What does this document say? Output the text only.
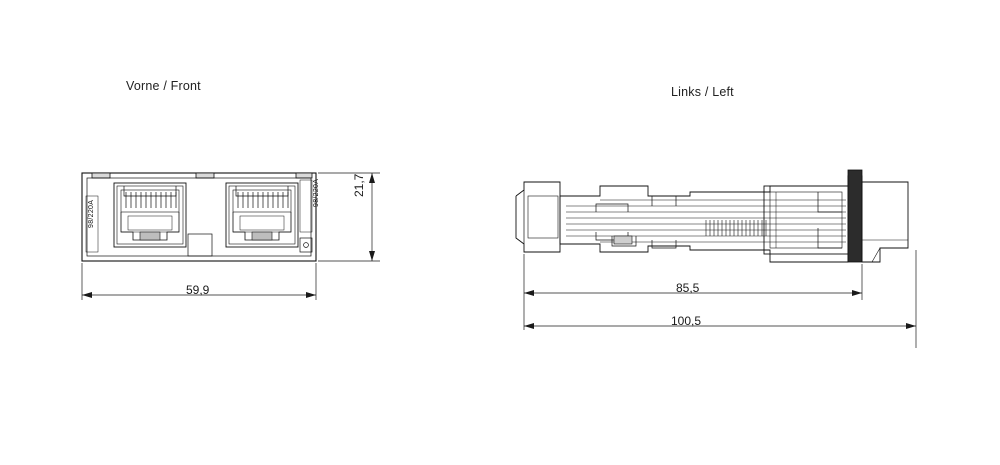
Vorne / Front	Links / Left
59,9
21,7
85,5
100,5
98/220A
98/220A
